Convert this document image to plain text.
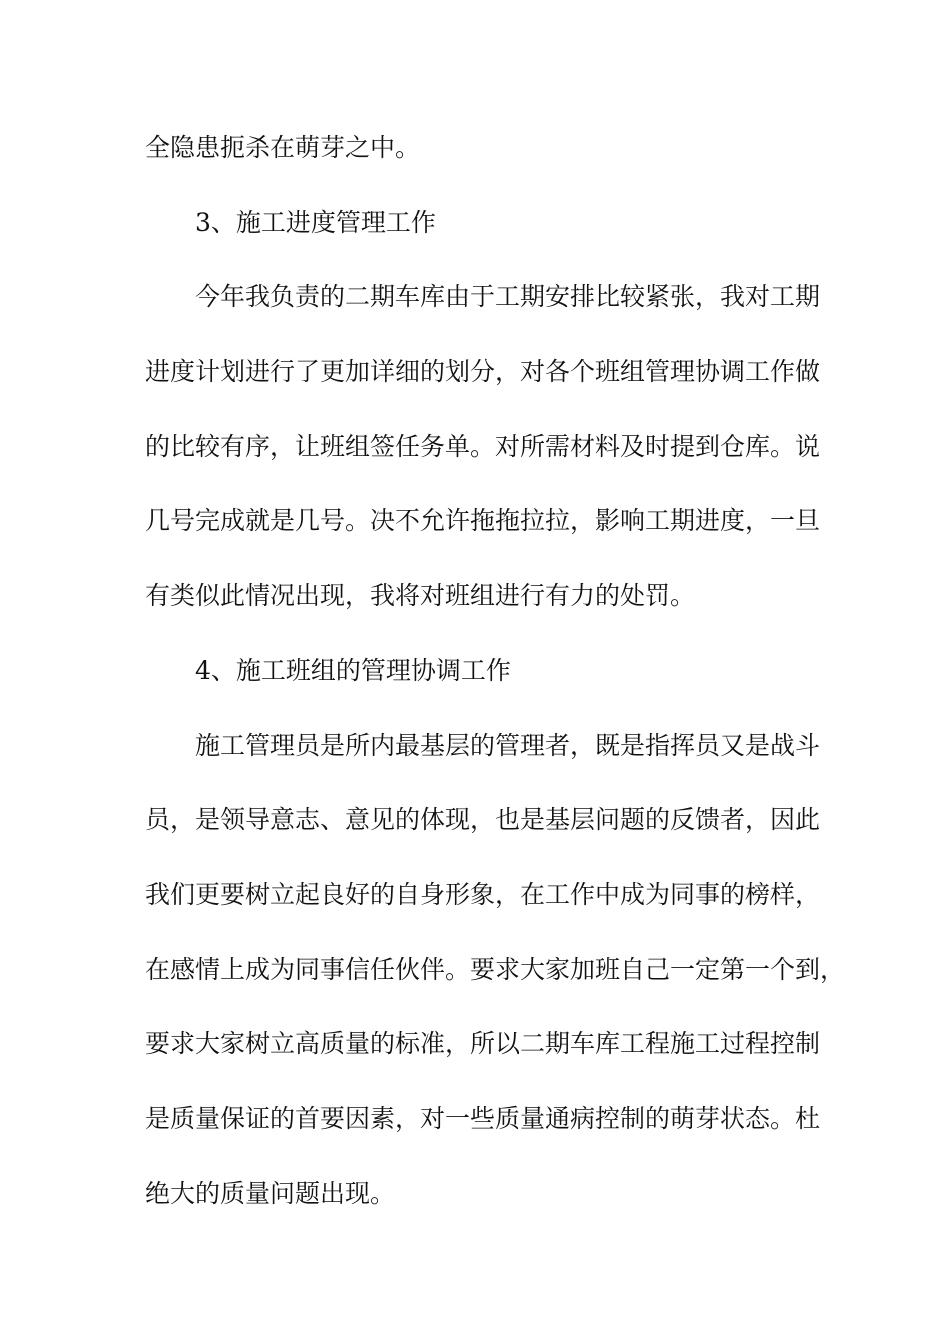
全隐患扼杀在萌芽之中。
3、施工进度管理工作
今年我负责的二期车库由于工期安排比较紧张，我对工期
进度计划进行了更加详细的划分，对各个班组管理协调工作做
的比较有序，让班组签任务单。对所需材料及时提到仓库。说
几号完成就是几号。决不允许拖拖拉拉，影响工期进度，一旦
有类似此情况出现，我将对班组进行有力的处罚。
4、施工班组的管理协调工作
施工管理员是所内最基层的管理者，既是指挥员又是战斗
员，是领导意志、意见的体现，也是基层问题的反馈者，因此
我们更要树立起良好的自身形象，在工作中成为同事的榜样，
在感情上成为同事信任伙伴。要求大家加班自己一定第一个到，
要求大家树立高质量的标准，所以二期车库工程施工过程控制
是质量保证的首要因素，对一些质量通病控制的萌芽状态。杜
绝大的质量问题出现。
